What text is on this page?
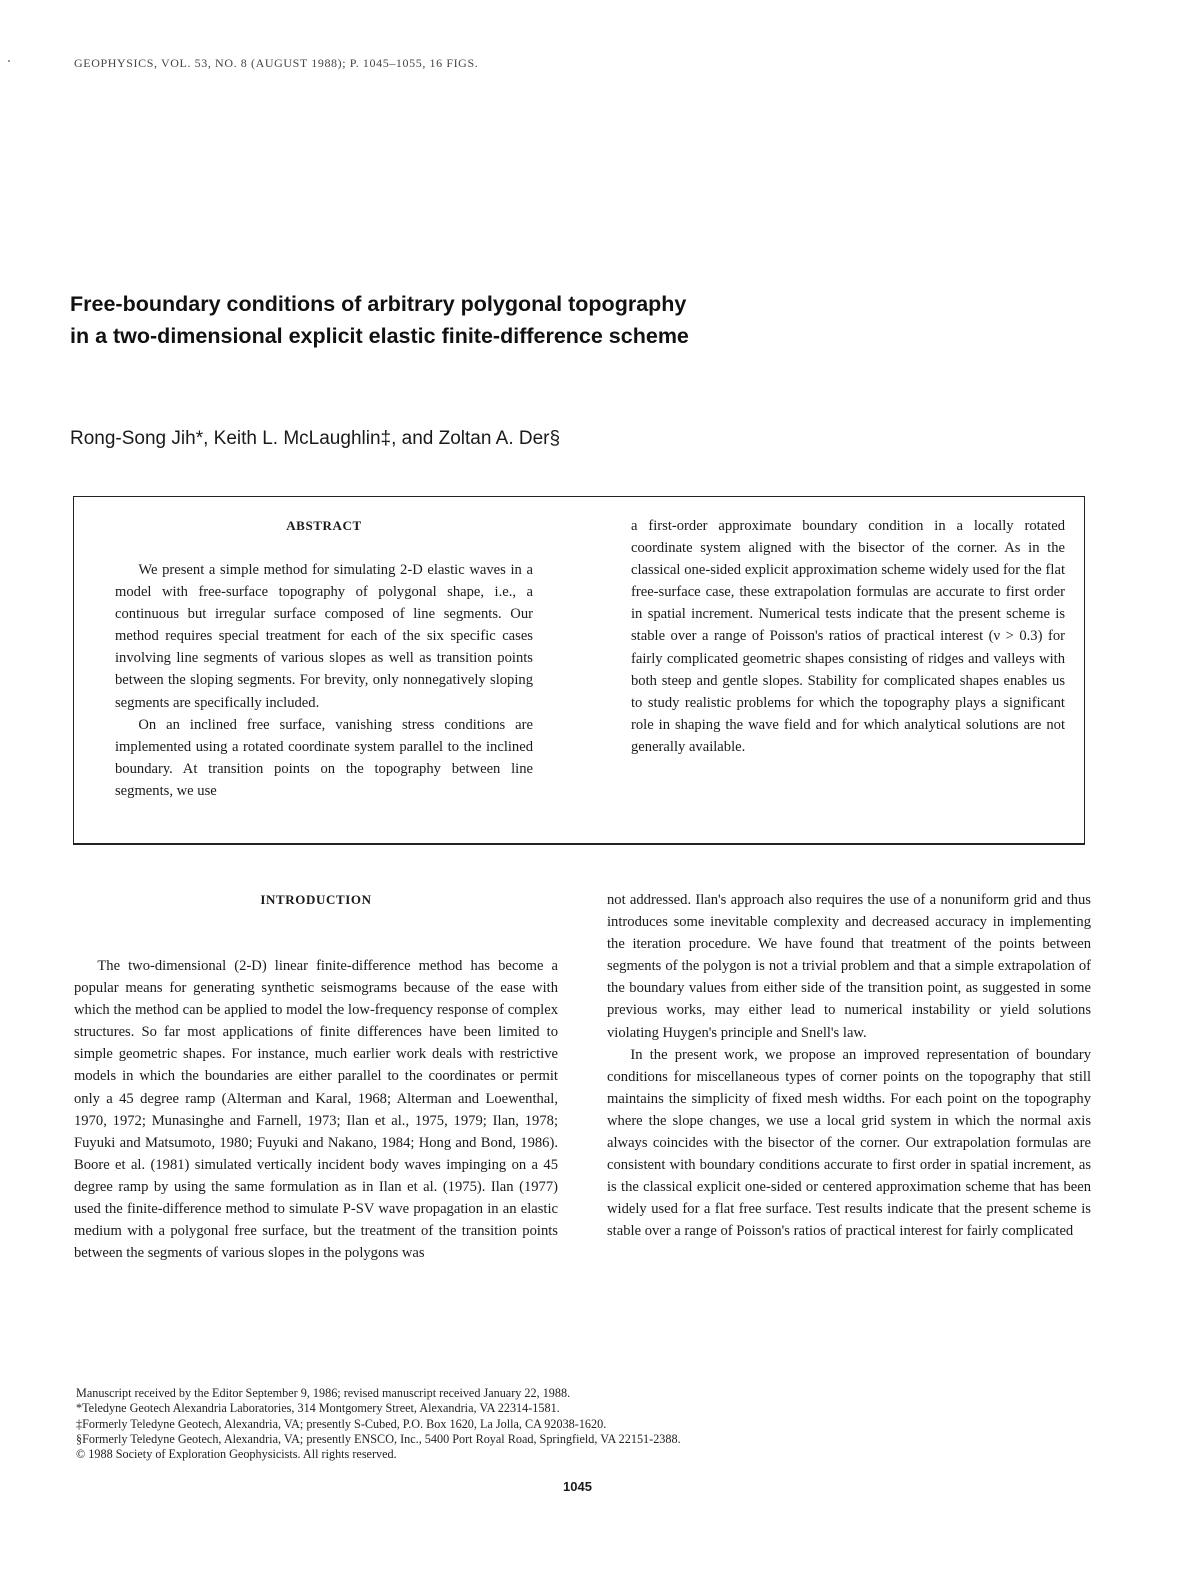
GEOPHYSICS, VOL. 53, NO. 8 (AUGUST 1988); P. 1045–1055, 16 FIGS.
Free-boundary conditions of arbitrary polygonal topography
in a two-dimensional explicit elastic finite-difference scheme
Rong-Song Jih*, Keith L. McLaughlin‡, and Zoltan A. Der§
ABSTRACT

We present a simple method for simulating 2-D elastic waves in a model with free-surface topography of polygonal shape, i.e., a continuous but irregular surface composed of line segments. Our method requires special treatment for each of the six specific cases involving line segments of various slopes as well as transition points between the sloping segments. For brevity, only nonnegatively sloping segments are specifically included.

On an inclined free surface, vanishing stress conditions are implemented using a rotated coordinate system parallel to the inclined boundary. At transition points on the topography between line segments, we use

a first-order approximate boundary condition in a locally rotated coordinate system aligned with the bisector of the corner. As in the classical one-sided explicit approximation scheme widely used for the flat free-surface case, these extrapolation formulas are accurate to first order in spatial increment. Numerical tests indicate that the present scheme is stable over a range of Poisson's ratios of practical interest (ν > 0.3) for fairly complicated geometric shapes consisting of ridges and valleys with both steep and gentle slopes. Stability for complicated shapes enables us to study realistic problems for which the topography plays a significant role in shaping the wave field and for which analytical solutions are not generally available.

INTRODUCTION

The two-dimensional (2-D) linear finite-difference method has become a popular means for generating synthetic seismograms because of the ease with which the method can be applied to model the low-frequency response of complex structures. So far most applications of finite differences have been limited to simple geometric shapes. For instance, much earlier work deals with restrictive models in which the boundaries are either parallel to the coordinates or permit only a 45 degree ramp (Alterman and Karal, 1968; Alterman and Loewenthal, 1970, 1972; Munasinghe and Farnell, 1973; Ilan et al., 1975, 1979; Ilan, 1978; Fuyuki and Matsumoto, 1980; Fuyuki and Nakano, 1984; Hong and Bond, 1986). Boore et al. (1981) simulated vertically incident body waves impinging on a 45 degree ramp by using the same formulation as in Ilan et al. (1975). Ilan (1977) used the finite-difference method to simulate P-SV wave propagation in an elastic medium with a polygonal free surface, but the treatment of the transition points between the segments of various slopes in the polygons was

not addressed. Ilan's approach also requires the use of a nonuniform grid and thus introduces some inevitable complexity and decreased accuracy in implementing the iteration procedure. We have found that treatment of the points between segments of the polygon is not a trivial problem and that a simple extrapolation of the boundary values from either side of the transition point, as suggested in some previous works, may either lead to numerical instability or yield solutions violating Huygen's principle and Snell's law.

In the present work, we propose an improved representation of boundary conditions for miscellaneous types of corner points on the topography that still maintains the simplicity of fixed mesh widths. For each point on the topography where the slope changes, we use a local grid system in which the normal axis always coincides with the bisector of the corner. Our extrapolation formulas are consistent with boundary conditions accurate to first order in spatial increment, as is the classical explicit one-sided or centered approximation scheme that has been widely used for a flat free surface. Test results indicate that the present scheme is stable over a range of Poisson's ratios of practical interest for fairly complicated

Manuscript received by the Editor September 9, 1986; revised manuscript received January 22, 1988.
*Teledyne Geotech Alexandria Laboratories, 314 Montgomery Street, Alexandria, VA 22314-1581.
‡Formerly Teledyne Geotech, Alexandria, VA; presently S-Cubed, P.O. Box 1620, La Jolla, CA 92038-1620.
§Formerly Teledyne Geotech, Alexandria, VA; presently ENSCO, Inc., 5400 Port Royal Road, Springfield, VA 22151-2388.
© 1988 Society of Exploration Geophysicists. All rights reserved.
1045
